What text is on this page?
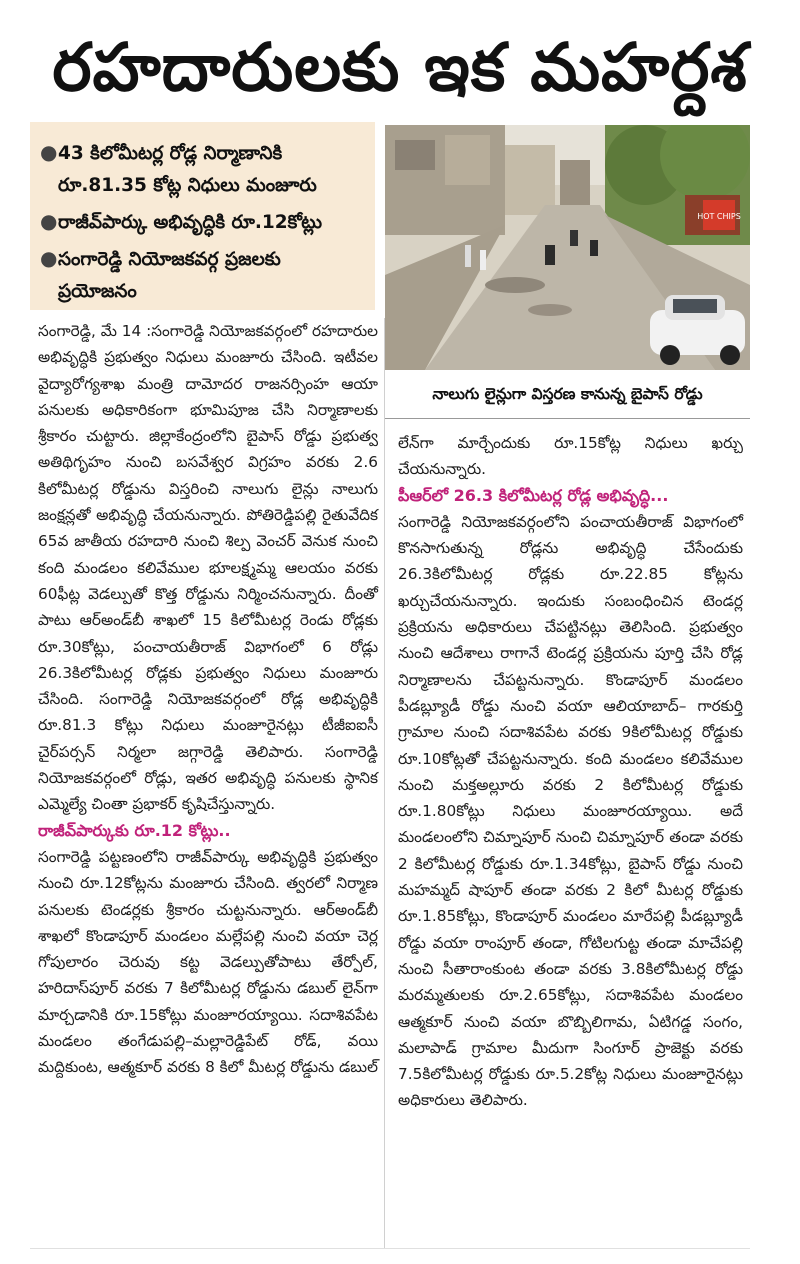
రహదారులకు ఇక మహర్దశ
● 43 కిలోమీటర్ల రోడ్ల నిర్మాణానికి రూ.81.35 కోట్ల నిధులు మంజూరు
● రాజీవ్‌పార్కు అభివృద్ధికి రూ.12కోట్లు
● సంగారెడ్డి నియోజకవర్గ ప్రజలకు ప్రయోజనం
HOT CHIPS
నాలుగు లైన్లుగా విస్తరణ కానున్న బైపాస్ రోడ్డు

సంగారెడ్డి, మే 14 :సంగారెడ్డి నియోజకవర్గంలో రహదారుల అభివృద్ధికి ప్రభుత్వం నిధులు మంజూరు చేసింది. ఇటీవల వైద్యారోగ్యశాఖ మంత్రి దామోదర రాజనర్సింహ ఆయా పనులకు అధికారికంగా భూమిపూజ చేసి నిర్మాణాలకు శ్రీకారం చుట్టారు. జిల్లాకేంద్రంలోని బైపాస్ రోడ్డు ప్రభుత్వ అతిథిగృహం నుంచి బసవేశ్వర విగ్రహం వరకు 2.6 కిలోమీటర్ల రోడ్డును విస్తరించి నాలుగు లైన్లు నాలుగు జంక్షన్లతో అభివృద్ధి చేయనున్నారు. పోతిరెడ్డిపల్లి రైతువేదిక 65వ జాతీయ రహదారి నుంచి శిల్ప వెంచర్ వెనుక నుంచి కంది మండలం కలివేముల భూలక్ష్మమ్మ ఆలయం వరకు 60ఫీట్ల వెడల్పుతో కొత్త రోడ్డును నిర్మించనున్నారు. దీంతో పాటు ఆర్అండ్‌బీ శాఖలో 15 కిలోమీటర్ల రెండు రోడ్లకు రూ.30కోట్లు, పంచాయతీరాజ్ విభాగంలో 6 రోడ్లు 26.3కిలోమీటర్ల రోడ్లకు ప్రభుత్వం నిధులు మంజూరు చేసింది. సంగారెడ్డి నియోజకవర్గంలో రోడ్ల అభివృద్ధికి రూ.81.3 కోట్లు నిధులు మంజూరైనట్లు టీజీఐఐసీ చైర్‌పర్సన్ నిర్మలా జగ్గారెడ్డి తెలిపారు. సంగారెడ్డి నియోజకవర్గంలో రోడ్లు, ఇతర అభివృద్ధి పనులకు స్థానిక ఎమ్మెల్యే చింతా ప్రభాకర్ కృషిచేస్తున్నారు.

రాజీవ్‌పార్కుకు రూ.12 కోట్లు..

సంగారెడ్డి పట్టణంలోని రాజీవ్‌పార్కు అభివృద్ధికి ప్రభుత్వం నుంచి రూ.12కోట్లను మంజూరు చేసింది. త్వరలో నిర్మాణ పనులకు టెండర్లకు శ్రీకారం చుట్టనున్నారు. ఆర్అండ్‌బీ శాఖలో కొండాపూర్ మండలం మల్లేపల్లి నుంచి వయా చెర్ల గోపులారం చెరువు కట్ట వెడల్పుతోపాటు తేర్పోల్, హరిదాస్‌పూర్ వరకు 7 కిలోమీటర్ల రోడ్డును డబుల్ లైన్‌గా మార్చడానికి రూ.15కోట్లు మంజూరయ్యాయి. సదాశివపేట మండలం తంగేడుపల్లి–మల్లారెడ్డిపేట్ రోడ్, వయి మద్దికుంట, ఆత్మకూర్ వరకు 8 కిలో మీటర్ల రోడ్డును డబుల్

లేన్‌గా మార్చేందుకు రూ.15కోట్ల నిధులు ఖర్చు చేయనున్నారు.

పీఆర్‌లో 26.3 కిలోమీటర్ల రోడ్ల అభివృద్ధి...

సంగారెడ్డి నియోజకవర్గంలోని పంచాయతీరాజ్ విభాగంలో కొనసాగుతున్న రోడ్లను అభివృద్ధి చేసేందుకు 26.3కిలోమీటర్ల రోడ్లకు రూ.22.85 కోట్లను ఖర్చుచేయనున్నారు. ఇందుకు సంబంధించిన టెండర్ల ప్రక్రియను అధికారులు చేపట్టినట్లు తెలిసింది. ప్రభుత్వం నుంచి ఆదేశాలు రాగానే టెండర్ల ప్రక్రియను పూర్తి చేసి రోడ్ల నిర్మాణాలను చేపట్టనున్నారు. కొండాపూర్ మండలం పీడబ్ల్యూడీ రోడ్డు నుంచి వయా ఆలియాబాద్– గారకుర్తి గ్రామాల నుంచి సదాశివపేట వరకు 9కిలోమీటర్ల రోడ్డుకు రూ.10కోట్లతో చేపట్టనున్నారు. కంది మండలం కలివేముల నుంచి మక్తఅల్లూరు వరకు 2 కిలోమీటర్ల రోడ్డుకు రూ.1.80కోట్లు నిధులు మంజూరయ్యాయి. అదే మండలంలోని చిమ్నాపూర్ నుంచి చిమ్నాపూర్ తండా వరకు 2 కిలోమీటర్ల రోడ్డుకు రూ.1.34కోట్లు, బైపాస్ రోడ్డు నుంచి మహమ్మద్ షాపూర్ తండా వరకు 2 కిలో మీటర్ల రోడ్డుకు రూ.1.85కోట్లు, కొండాపూర్ మండలం మారేపల్లి పీడబ్ల్యూడీ రోడ్డు వయా రాంపూర్ తండా, గోటిలగుట్ట తండా మాచేపల్లి నుంచి సీతారాంకుంట తండా వరకు 3.8కిలోమీటర్ల రోడ్డు మరమ్మతులకు రూ.2.65కోట్లు, సదాశివపేట మండలం ఆత్మకూర్ నుంచి వయా బొబ్బిలిగామ, ఏటిగడ్డ సంగం, మలాపాడ్ గ్రామాల మీదుగా సింగూర్ ప్రాజెక్టు వరకు 7.5కిలోమీటర్ల రోడ్డుకు రూ.5.2కోట్ల నిధులు మంజూరైనట్లు అధికారులు తెలిపారు.
